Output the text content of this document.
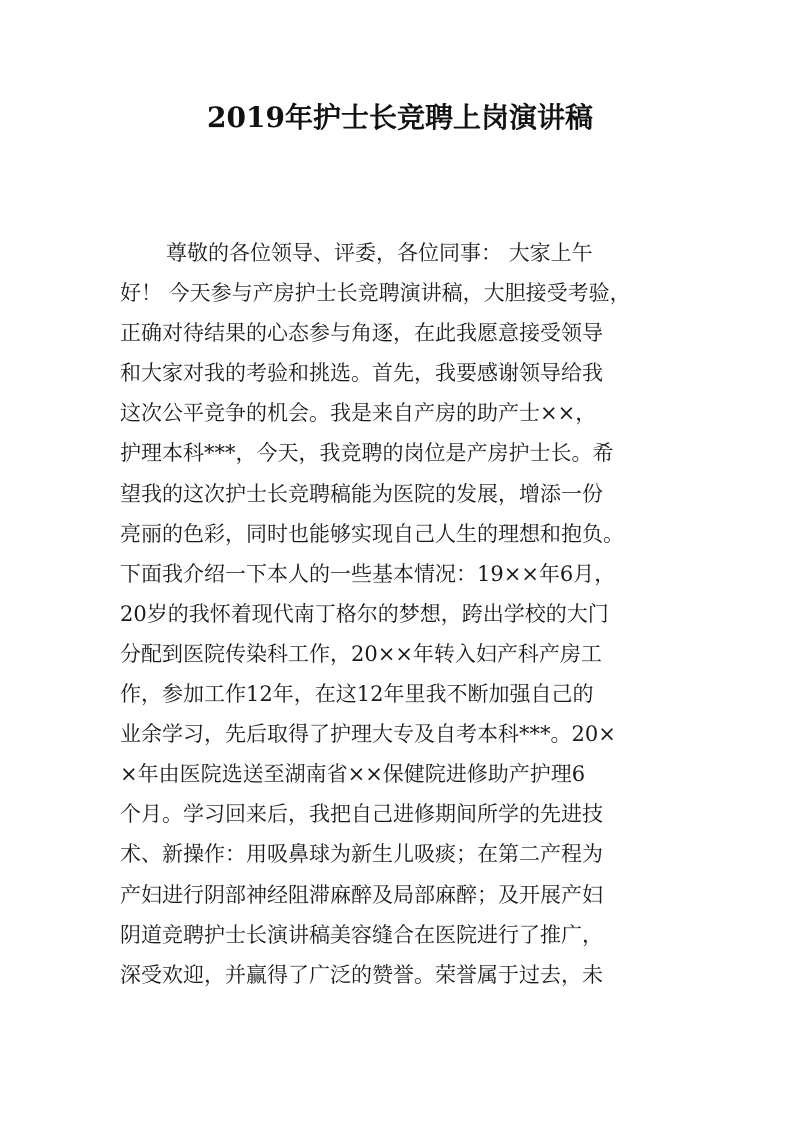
2019年护士长竞聘上岗演讲稿
尊敬的各位领导、评委，各位同事： 大家上午
好！ 今天参与产房护士长竞聘演讲稿，大胆接受考验，
正确对待结果的心态参与角逐，在此我愿意接受领导
和大家对我的考验和挑选。首先，我要感谢领导给我
这次公平竞争的机会。我是来自产房的助产士××，
护理本科***，今天，我竞聘的岗位是产房护士长。希
望我的这次护士长竞聘稿能为医院的发展，增添一份
亮丽的色彩，同时也能够实现自己人生的理想和抱负。
下面我介绍一下本人的一些基本情况：19××年6月，
20岁的我怀着现代南丁格尔的梦想，跨出学校的大门
分配到医院传染科工作，20××年转入妇产科产房工
作，参加工作12年，在这12年里我不断加强自己的
业余学习，先后取得了护理大专及自考本科***。20×
×年由医院选送至湖南省××保健院进修助产护理6
个月。学习回来后，我把自己进修期间所学的先进技
术、新操作：用吸鼻球为新生儿吸痰；在第二产程为
产妇进行阴部神经阻滞麻醉及局部麻醉；及开展产妇
阴道竞聘护士长演讲稿美容缝合在医院进行了推广，
深受欢迎，并赢得了广泛的赞誉。荣誉属于过去，未
